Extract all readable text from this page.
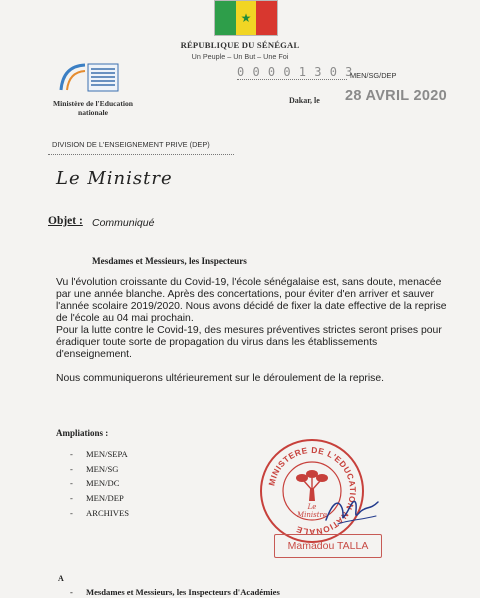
★
RÉPUBLIQUE DU SÉNÉGAL
Un Peuple – Un But – Une Foi
0 0 0 0 1 3 0 3
MEN/SG/DEP
Ministère de l'Education nationale
Dakar, le 28 AVRIL 2020
DIVISION DE L'ENSEIGNEMENT PRIVE (DEP)
Le Ministre
Objet : Communiqué
Mesdames et Messieurs, les Inspecteurs

Vu l'évolution croissante du Covid-19, l'école sénégalaise est, sans doute, menacée par une année blanche. Après des concertations, pour éviter d'en arriver et sauver l'année scolaire 2019/2020. Nous avons décidé de fixer la date effective de la reprise de l'école au 04 mai prochain.

Pour la lutte contre le Covid-19, des mesures préventives strictes seront prises pour éradiquer toute sorte de propagation du virus dans les établissements d'enseignement.

Nous communiquerons ultérieurement sur le déroulement de la reprise.

Ampliations :
-	MEN/SEPA
-	MEN/SG
-	MEN/DC
-	MEN/DEP
-	ARCHIVES
MINISTERE DE L'EDUCATION NATIONALE
Le
Ministre
Mamadou TALLA
A
- Mesdames et Messieurs, les Inspecteurs d'Académies
